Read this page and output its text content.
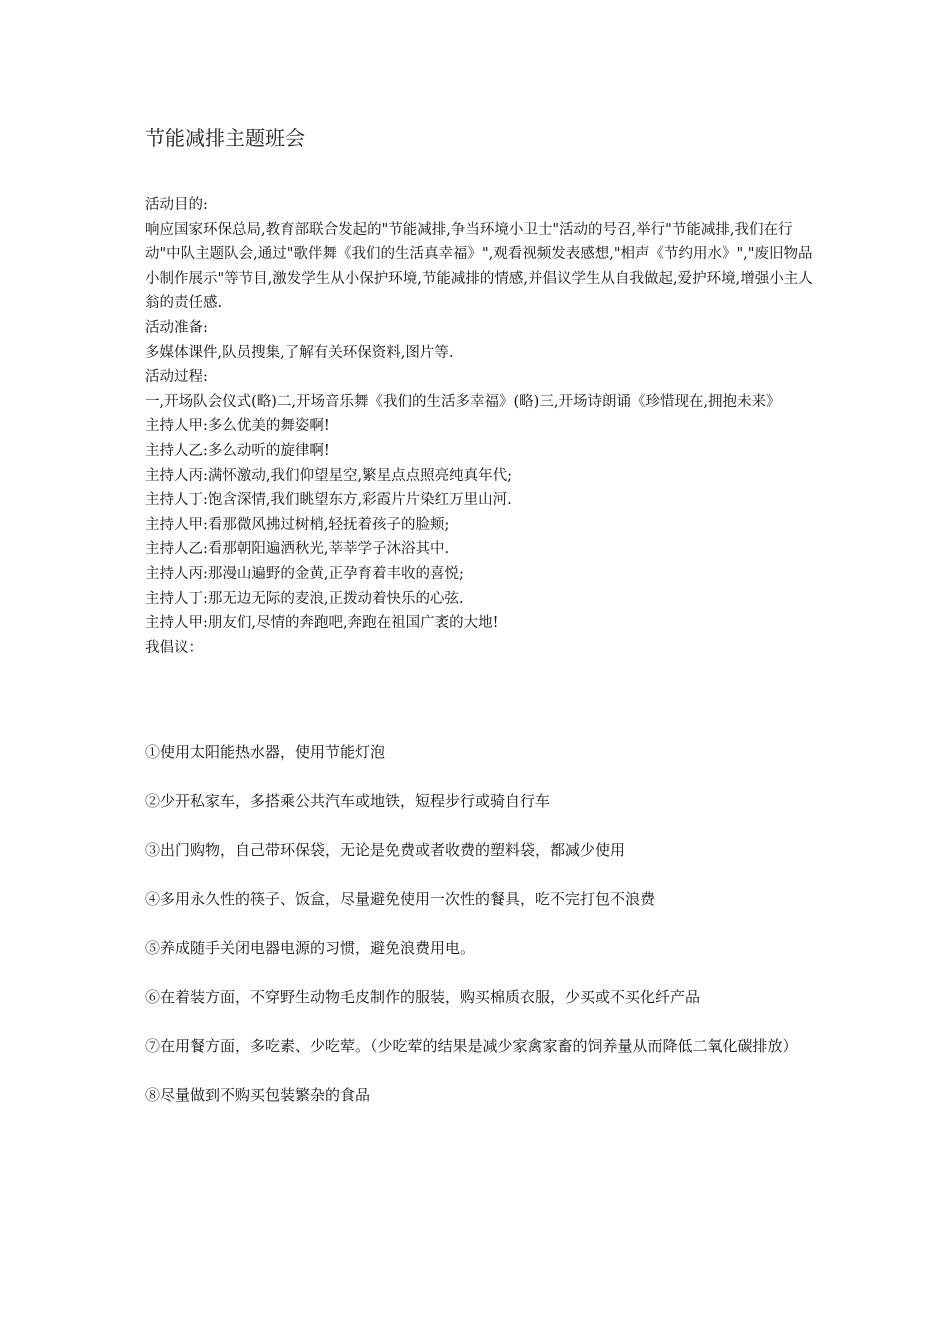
节能减排主题班会

活动目的:

响应国家环保总局,教育部联合发起的"节能减排,争当环境小卫士"活动的号召,举行"节能减排,我们在行动"中队主题队会,通过"歌伴舞《我们的生活真幸福》",观看视频发表感想,"相声《节约用水》","废旧物品小制作展示"等节目,激发学生从小保护环境,节能减排的情感,并倡议学生从自我做起,爱护环境,增强小主人翁的责任感.

活动准备:

多媒体课件,队员搜集,了解有关环保资料,图片等.

活动过程:

一,开场队会仪式(略)二,开场音乐舞《我们的生活多幸福》(略)三,开场诗朗诵《珍惜现在,拥抱未来》

主持人甲:多么优美的舞姿啊!

主持人乙:多么动听的旋律啊!

主持人丙:满怀激动,我们仰望星空,繁星点点照亮纯真年代;

主持人丁:饱含深情,我们眺望东方,彩霞片片染红万里山河.

主持人甲:看那微风拂过树梢,轻抚着孩子的脸颊;

主持人乙:看那朝阳遍洒秋光,莘莘学子沐浴其中.

主持人丙:那漫山遍野的金黄,正孕育着丰收的喜悦;

主持人丁:那无边无际的麦浪,正拨动着快乐的心弦.

主持人甲:朋友们,尽情的奔跑吧,奔跑在祖国广袤的大地!

我倡议：

①使用太阳能热水器，使用节能灯泡

②少开私家车，多搭乘公共汽车或地铁，短程步行或骑自行车

③出门购物，自己带环保袋，无论是免费或者收费的塑料袋，都减少使用

④多用永久性的筷子、饭盒，尽量避免使用一次性的餐具，吃不完打包不浪费

⑤养成随手关闭电器电源的习惯，避免浪费用电。

⑥在着装方面，不穿野生动物毛皮制作的服装，购买棉质衣服，少买或不买化纤产品

⑦在用餐方面，多吃素、少吃荤。（少吃荤的结果是减少家禽家畜的饲养量从而降低二氧化碳排放）

⑧尽量做到不购买包装繁杂的食品
